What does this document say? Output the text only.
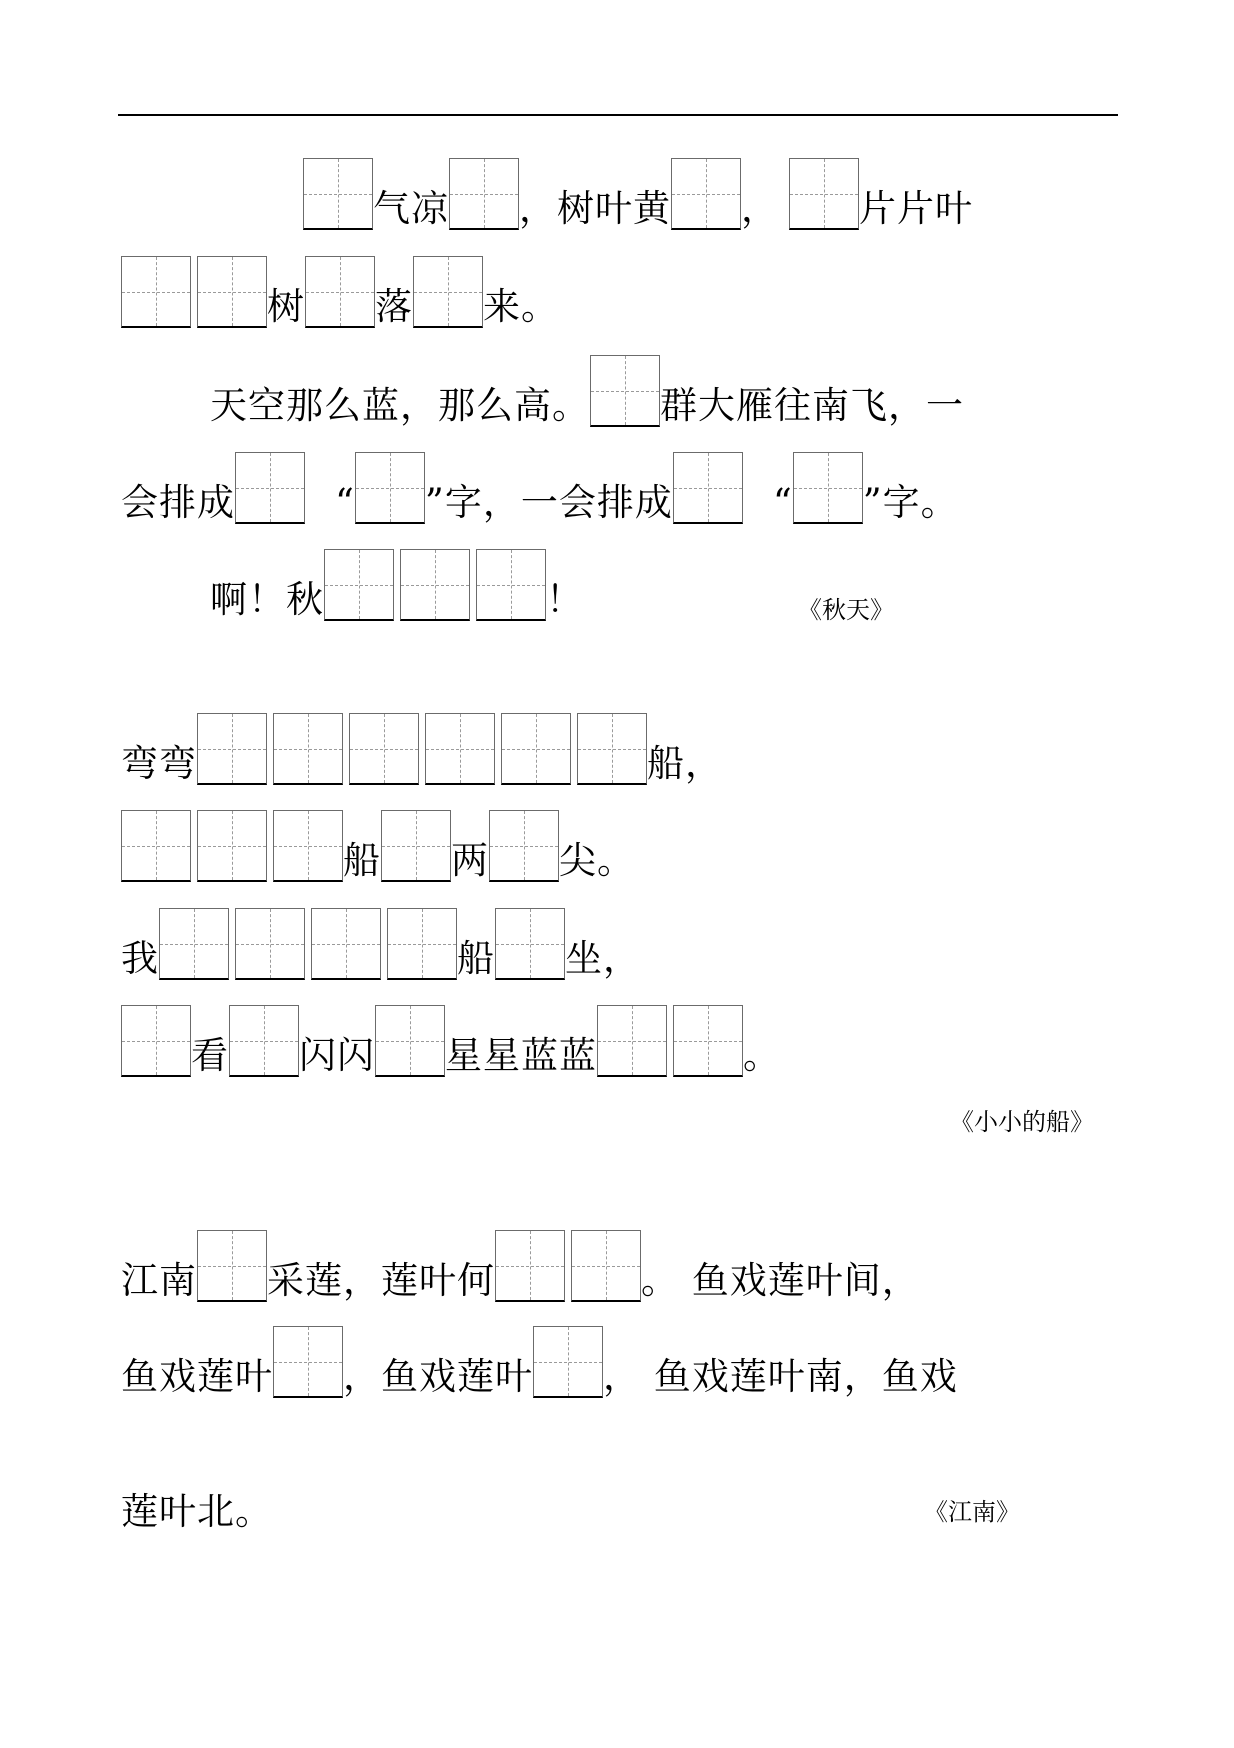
气凉 ，树叶黄 ， 片片叶
树 落 来。
天空那么蓝，那么高。 群大雁往南飞，一
会排成	“ ”字，一会排成	“ ”字。
啊！秋	！	《秋天》
弯弯	船，
船 两 尖。
我	船 坐，
看 闪闪 星星蓝蓝	。
《小小的船》
江南 采莲，莲叶何	。 鱼戏莲叶间，
鱼戏莲叶 ，鱼戏莲叶 ， 鱼戏莲叶南，鱼戏
莲叶北。	《江南》
